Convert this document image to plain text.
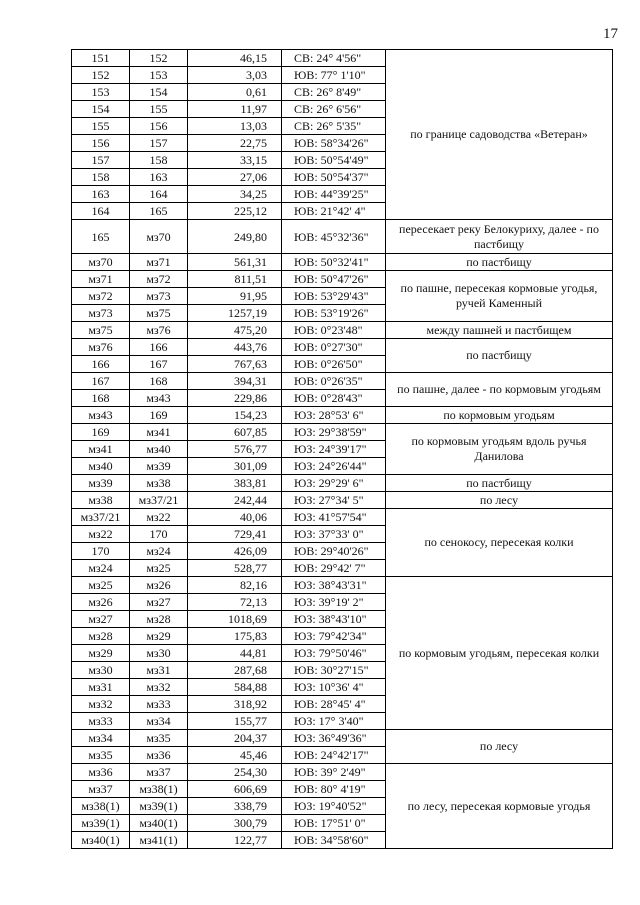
17
151	152	46,15	СВ: 24° 4'56"	по границе садоводства «Ветеран»
152	153	3,03	ЮВ: 77° 1'10"	
153	154	0,61	СВ: 26° 8'49"	
154	155	11,97	СВ: 26° 6'56"	
155	156	13,03	СВ: 26° 5'35"	
156	157	22,75	ЮВ: 58°34'26"	
157	158	33,15	ЮВ: 50°54'49"	
158	163	27,06	ЮВ: 50°54'37"	
163	164	34,25	ЮВ: 44°39'25"	
164	165	225,12	ЮВ: 21°42' 4"	
165	мз70	249,80	ЮВ: 45°32'36"	пересекает реку Белокуриху, далее - по пастбищу
мз70	мз71	561,31	ЮВ: 50°32'41"	по пастбищу
мз71	мз72	811,51	ЮВ: 50°47'26"	по пашне, пересекая кормовые угодья, ручей Каменный
мз72	мз73	91,95	ЮВ: 53°29'43"	
мз73	мз75	1257,19	ЮВ: 53°19'26"	
мз75	мз76	475,20	ЮВ: 0°23'48"	между пашней и пастбищем
мз76	166	443,76	ЮВ: 0°27'30"	по пастбищу
166	167	767,63	ЮВ: 0°26'50"	
167	168	394,31	ЮВ: 0°26'35"	по пашне, далее - по кормовым угодьям
168	мз43	229,86	ЮВ: 0°28'43"	
мз43	169	154,23	ЮЗ: 28°53' 6"	по кормовым угодьям
169	мз41	607,85	ЮЗ: 29°38'59"	по кормовым угодьям вдоль ручья Данилова
мз41	мз40	576,77	ЮЗ: 24°39'17"	
мз40	мз39	301,09	ЮЗ: 24°26'44"	
мз39	мз38	383,81	ЮЗ: 29°29' 6"	по пастбищу
мз38	мз37/21	242,44	ЮЗ: 27°34' 5"	по лесу
мз37/21	мз22	40,06	ЮЗ: 41°57'54"	по сенокосу, пересекая колки
мз22	170	729,41	ЮЗ: 37°33' 0"	
170	мз24	426,09	ЮВ: 29°40'26"	
мз24	мз25	528,77	ЮВ: 29°42' 7"	
мз25	мз26	82,16	ЮЗ: 38°43'31"	по кормовым угодьям, пересекая колки
мз26	мз27	72,13	ЮЗ: 39°19' 2"	
мз27	мз28	1018,69	ЮЗ: 38°43'10"	
мз28	мз29	175,83	ЮЗ: 79°42'34"	
мз29	мз30	44,81	ЮЗ: 79°50'46"	
мз30	мз31	287,68	ЮВ: 30°27'15"	
мз31	мз32	584,88	ЮЗ: 10°36' 4"	
мз32	мз33	318,92	ЮВ: 28°45' 4"	
мз33	мз34	155,77	ЮЗ: 17° 3'40"	
мз34	мз35	204,37	ЮЗ: 36°49'36"	по лесу
мз35	мз36	45,46	ЮВ: 24°42'17"	
мз36	мз37	254,30	ЮВ: 39° 2'49"	по лесу, пересекая кормовые угодья
мз37	мз38(1)	606,69	ЮВ: 80° 4'19"	
мз38(1)	мз39(1)	338,79	ЮЗ: 19°40'52"	
мз39(1)	мз40(1)	300,79	ЮВ: 17°51' 0"	
мз40(1)	мз41(1)	122,77	ЮВ: 34°58'60"	
